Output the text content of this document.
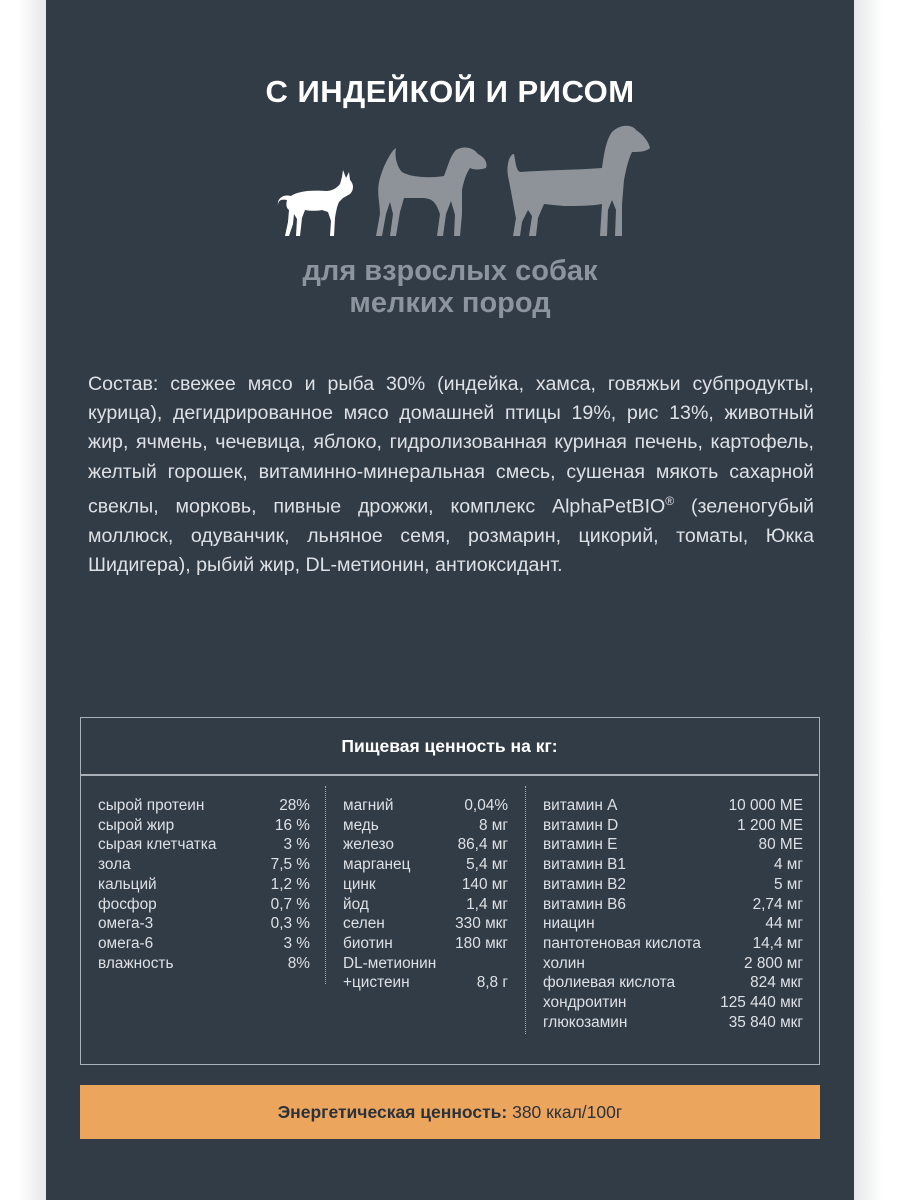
С ИНДЕЙКОЙ И РИСОМ
для взрослых собак
мелких пород
Состав: свежее мясо и рыба 30% (индейка, хамса, говяжьи субпродукты, курица), дегидрированное мясо домашней птицы 19%, рис 13%, животный жир, ячмень, чечевица, яблоко, гидролизованная куриная печень, картофель, желтый горошек, витаминно-минеральная смесь, сушеная мякоть сахарной свеклы, морковь, пивные дрожжи, комплекс AlphaPetBIO® (зеленогубый моллюск, одуванчик, льняное семя, розмарин, цикорий, томаты, Юкка Шидигера), рыбий жир, DL-метионин, антиоксидант.
Пищевая ценность на кг:
сырой протеин	28%
сырой жир	16 %
сырая клетчатка	3 %
зола	7,5 %
кальций	1,2 %
фосфор	0,7 %
омега-3	0,3 %
омега-6	3 %
влажность	8%
магний	0,04%
медь	8 мг
железо	86,4 мг
марганец	5,4 мг
цинк	140 мг
йод	1,4 мг
селен	330 мкг
биотин	180 мкг
DL-метионин
+цистеин	8,8 г
витамин А	10 000 МЕ
витамин D	1 200 МЕ
витамин Е	80 МЕ
витамин В1	4 мг
витамин В2	5 мг
витамин В6	2,74 мг
ниацин	44 мг
пантотеновая кислота	14,4 мг
холин	2 800 мг
фолиевая кислота	824 мкг
хондроитин	125 440 мкг
глюкозамин	35 840 мкг
Энергетическая ценность: 380 ккал/100г
